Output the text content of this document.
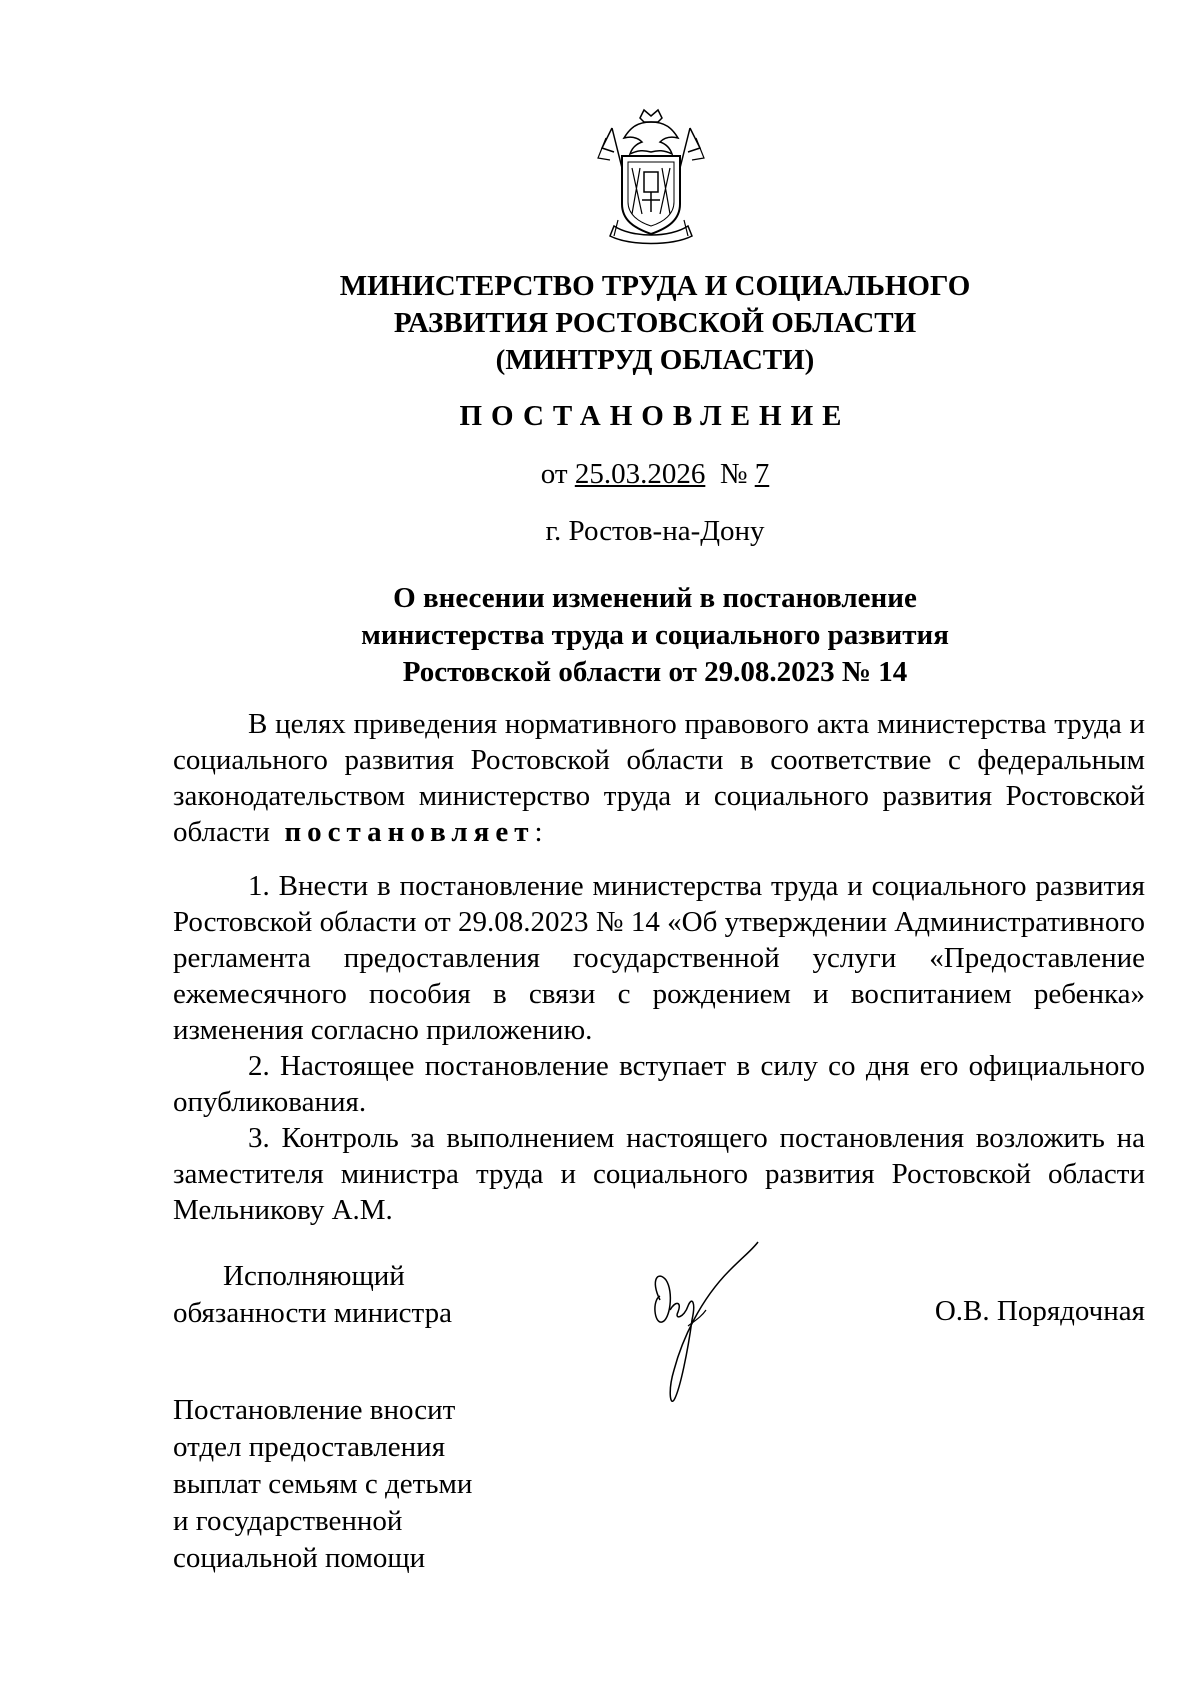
МИНИСТЕРСТВО ТРУДА И СОЦИАЛЬНОГО
РАЗВИТИЯ РОСТОВСКОЙ ОБЛАСТИ
(МИНТРУД ОБЛАСТИ)
ПОСТАНОВЛЕНИЕ
от 25.03.2026 № 7
г. Ростов-на-Дону
О внесении изменений в постановление
министерства труда и социального развития
Ростовской области от 29.08.2023 № 14

В целях приведения нормативного правового акта министерства труда и социального развития Ростовской области в соответствие с федеральным законодательством министерство труда и социального развития Ростовской области постановляет:

1. Внести в постановление министерства труда и социального развития Ростовской области от 29.08.2023 № 14 «Об утверждении Административного регламента предоставления государственной услуги «Предоставление ежемесячного пособия в связи с рождением и воспитанием ребенка» изменения согласно приложению.

2. Настоящее постановление вступает в силу со дня его официального опубликования.

3. Контроль за выполнением настоящего постановления возложить на заместителя министра труда и социального развития Ростовской области Мельникову А.М.

Исполняющий
обязанности министра	О.В. Порядочная
Постановление вносит
отдел предоставления
выплат семьям с детьми
и государственной
социальной помощи
